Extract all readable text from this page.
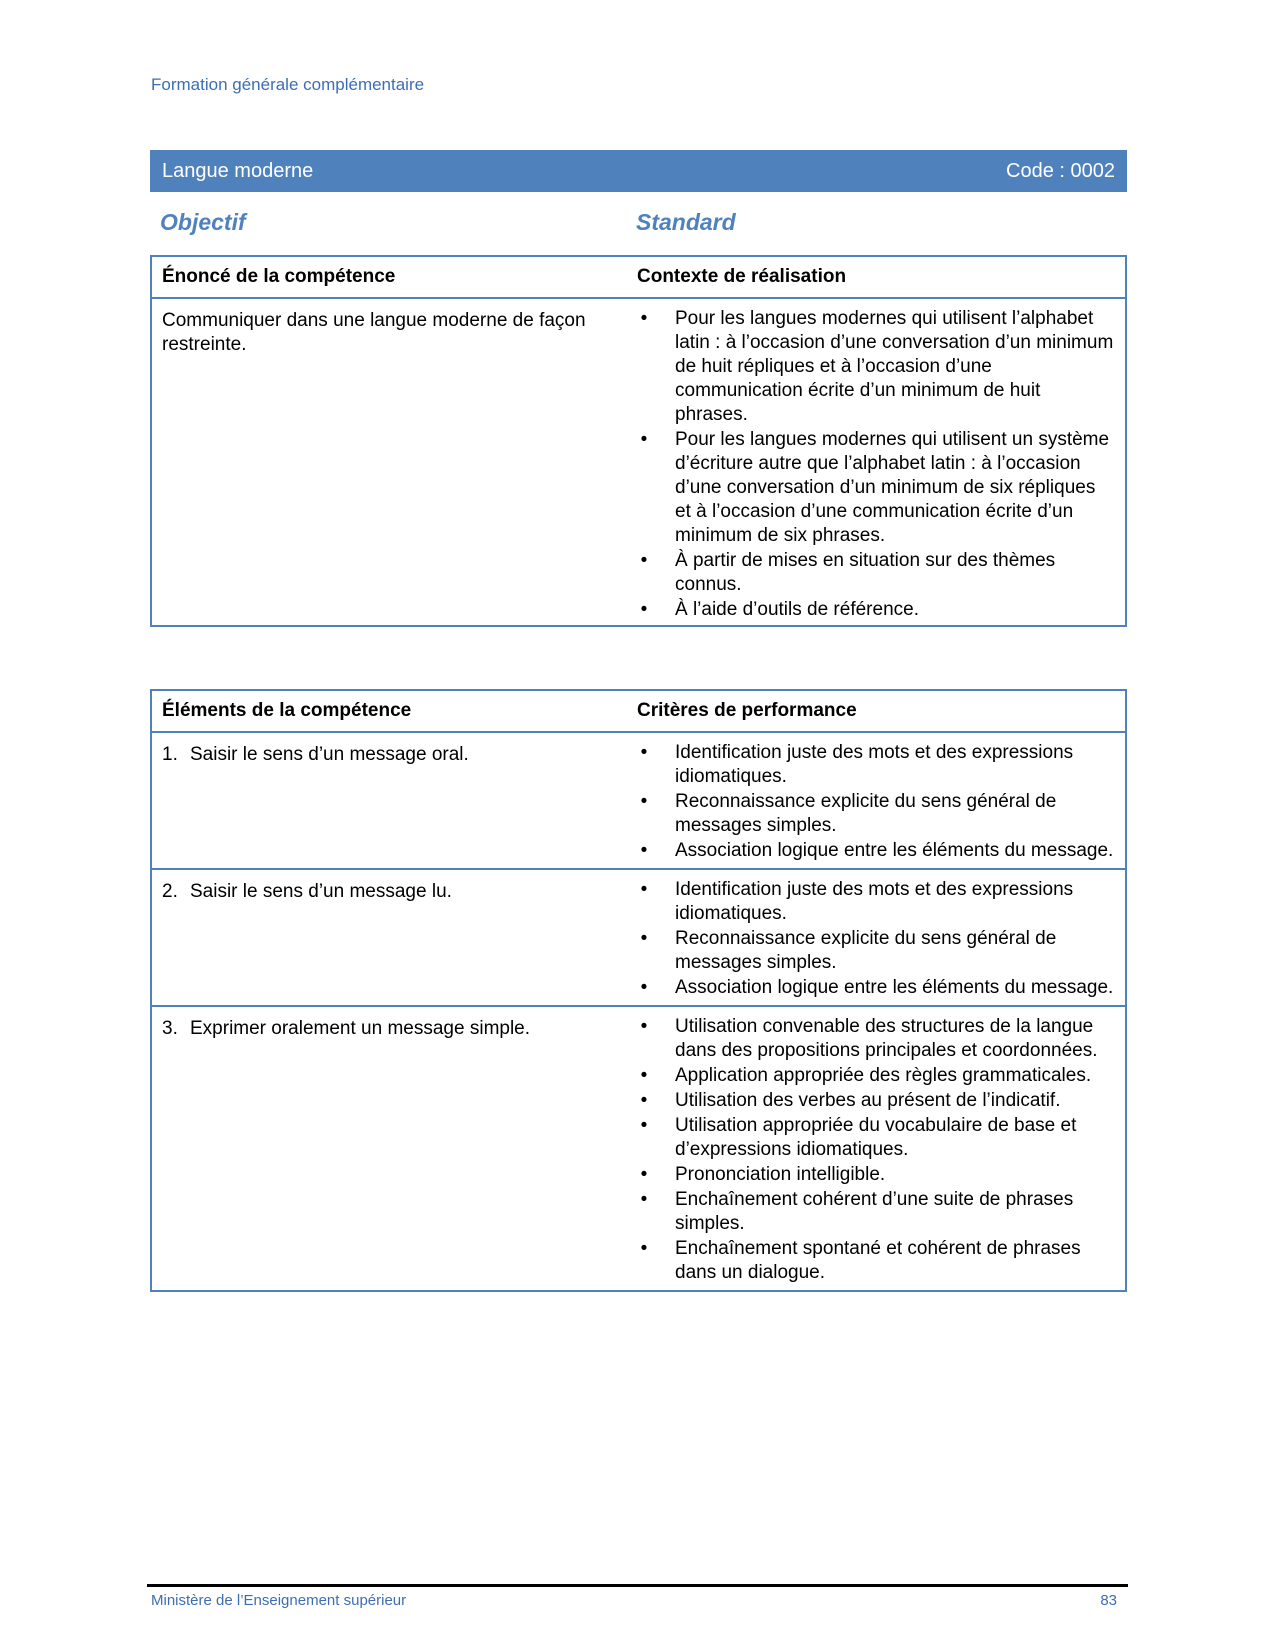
Formation générale complémentaire
Langue moderne	Code : 0002
Objectif	Standard
Énoncé de la compétence	Contexte de réalisation
Communiquer dans une langue moderne de façon restreinte.
• Pour les langues modernes qui utilisent l’alphabet latin : à l’occasion d’une conversation d’un minimum de huit répliques et à l’occasion d’une communication écrite d’un minimum de huit phrases.
• Pour les langues modernes qui utilisent un système d’écriture autre que l’alphabet latin : à l’occasion d’une conversation d’un minimum de six répliques et à l’occasion d’une communication écrite d’un minimum de six phrases.
• À partir de mises en situation sur des thèmes connus.
• À l’aide d’outils de référence.
Éléments de la compétence	Critères de performance
1. Saisir le sens d’un message oral.	• Identification juste des mots et des expressions idiomatiques.
• Reconnaissance explicite du sens général de messages simples.
• Association logique entre les éléments du message.
2. Saisir le sens d’un message lu.	• Identification juste des mots et des expressions idiomatiques.
• Reconnaissance explicite du sens général de messages simples.
• Association logique entre les éléments du message.
3. Exprimer oralement un message simple.	• Utilisation convenable des structures de la langue dans des propositions principales et coordonnées.
• Application appropriée des règles grammaticales.
• Utilisation des verbes au présent de l’indicatif.
• Utilisation appropriée du vocabulaire de base et d’expressions idiomatiques.
• Prononciation intelligible.
• Enchaînement cohérent d’une suite de phrases simples.
• Enchaînement spontané et cohérent de phrases dans un dialogue.
Ministère de l’Enseignement supérieur	83
